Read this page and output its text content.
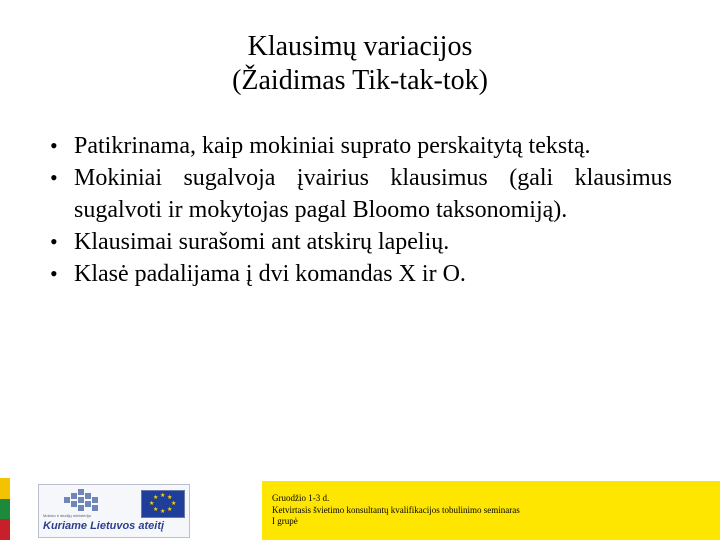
Klausimų variacijos
(Žaidimas Tik-tak-tok)
• Patikrinama, kaip mokiniai suprato perskaitytą tekstą.
• Mokiniai sugalvoja įvairius klausimus (gali klausimus sugalvoti ir mokytojas pagal Bloomo taksonomiją).
• Klausimai surašomi ant atskirų lapelių.
• Klasė padalijama į dvi komandas X ir O.
★ ★
★
★
★
★
★
★
Mokslo ir studijų ministerija
Kuriame Lietuvos ateitį
Gruodžio 1-3 d.
Ketvirtasis švietimo konsultantų kvalifikacijos tobulinimo seminaras
I grupė
